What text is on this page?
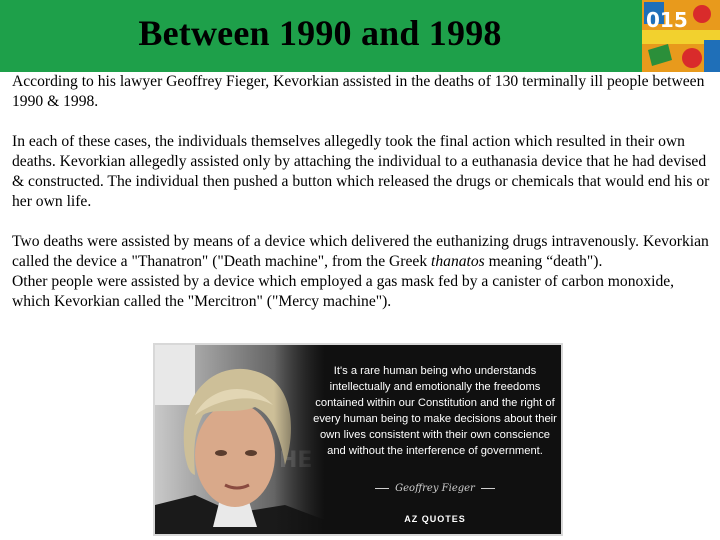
Between 1990 and 1998	015

According to his lawyer Geoffrey Fieger, Kevorkian assisted in the deaths of 130 terminally ill people between 1990 & 1998.

In each of these cases, the individuals themselves allegedly took the final action which resulted in their own deaths. Kevorkian allegedly assisted only by attaching the individual to a euthanasia device that he had devised & constructed. The individual then pushed a button which released the drugs or chemicals that would end his or her own life.

Two deaths were assisted by means of a device which delivered the euthanizing drugs intravenously. Kevorkian called the device a "Thanatron" ("Death machine", from the Greek thanatos meaning “death").

Other people were assisted by a device which employed a gas mask fed by a canister of carbon monoxide, which Kevorkian called the "Mercitron" ("Mercy machine").

It's a rare human being who understands intellectually and emotionally the freedoms contained within our Constitution and the right of every human being to make decisions about their own lives consistent with their own conscience and without the interference of government.
Geoffrey Fieger
AZ QUOTES
